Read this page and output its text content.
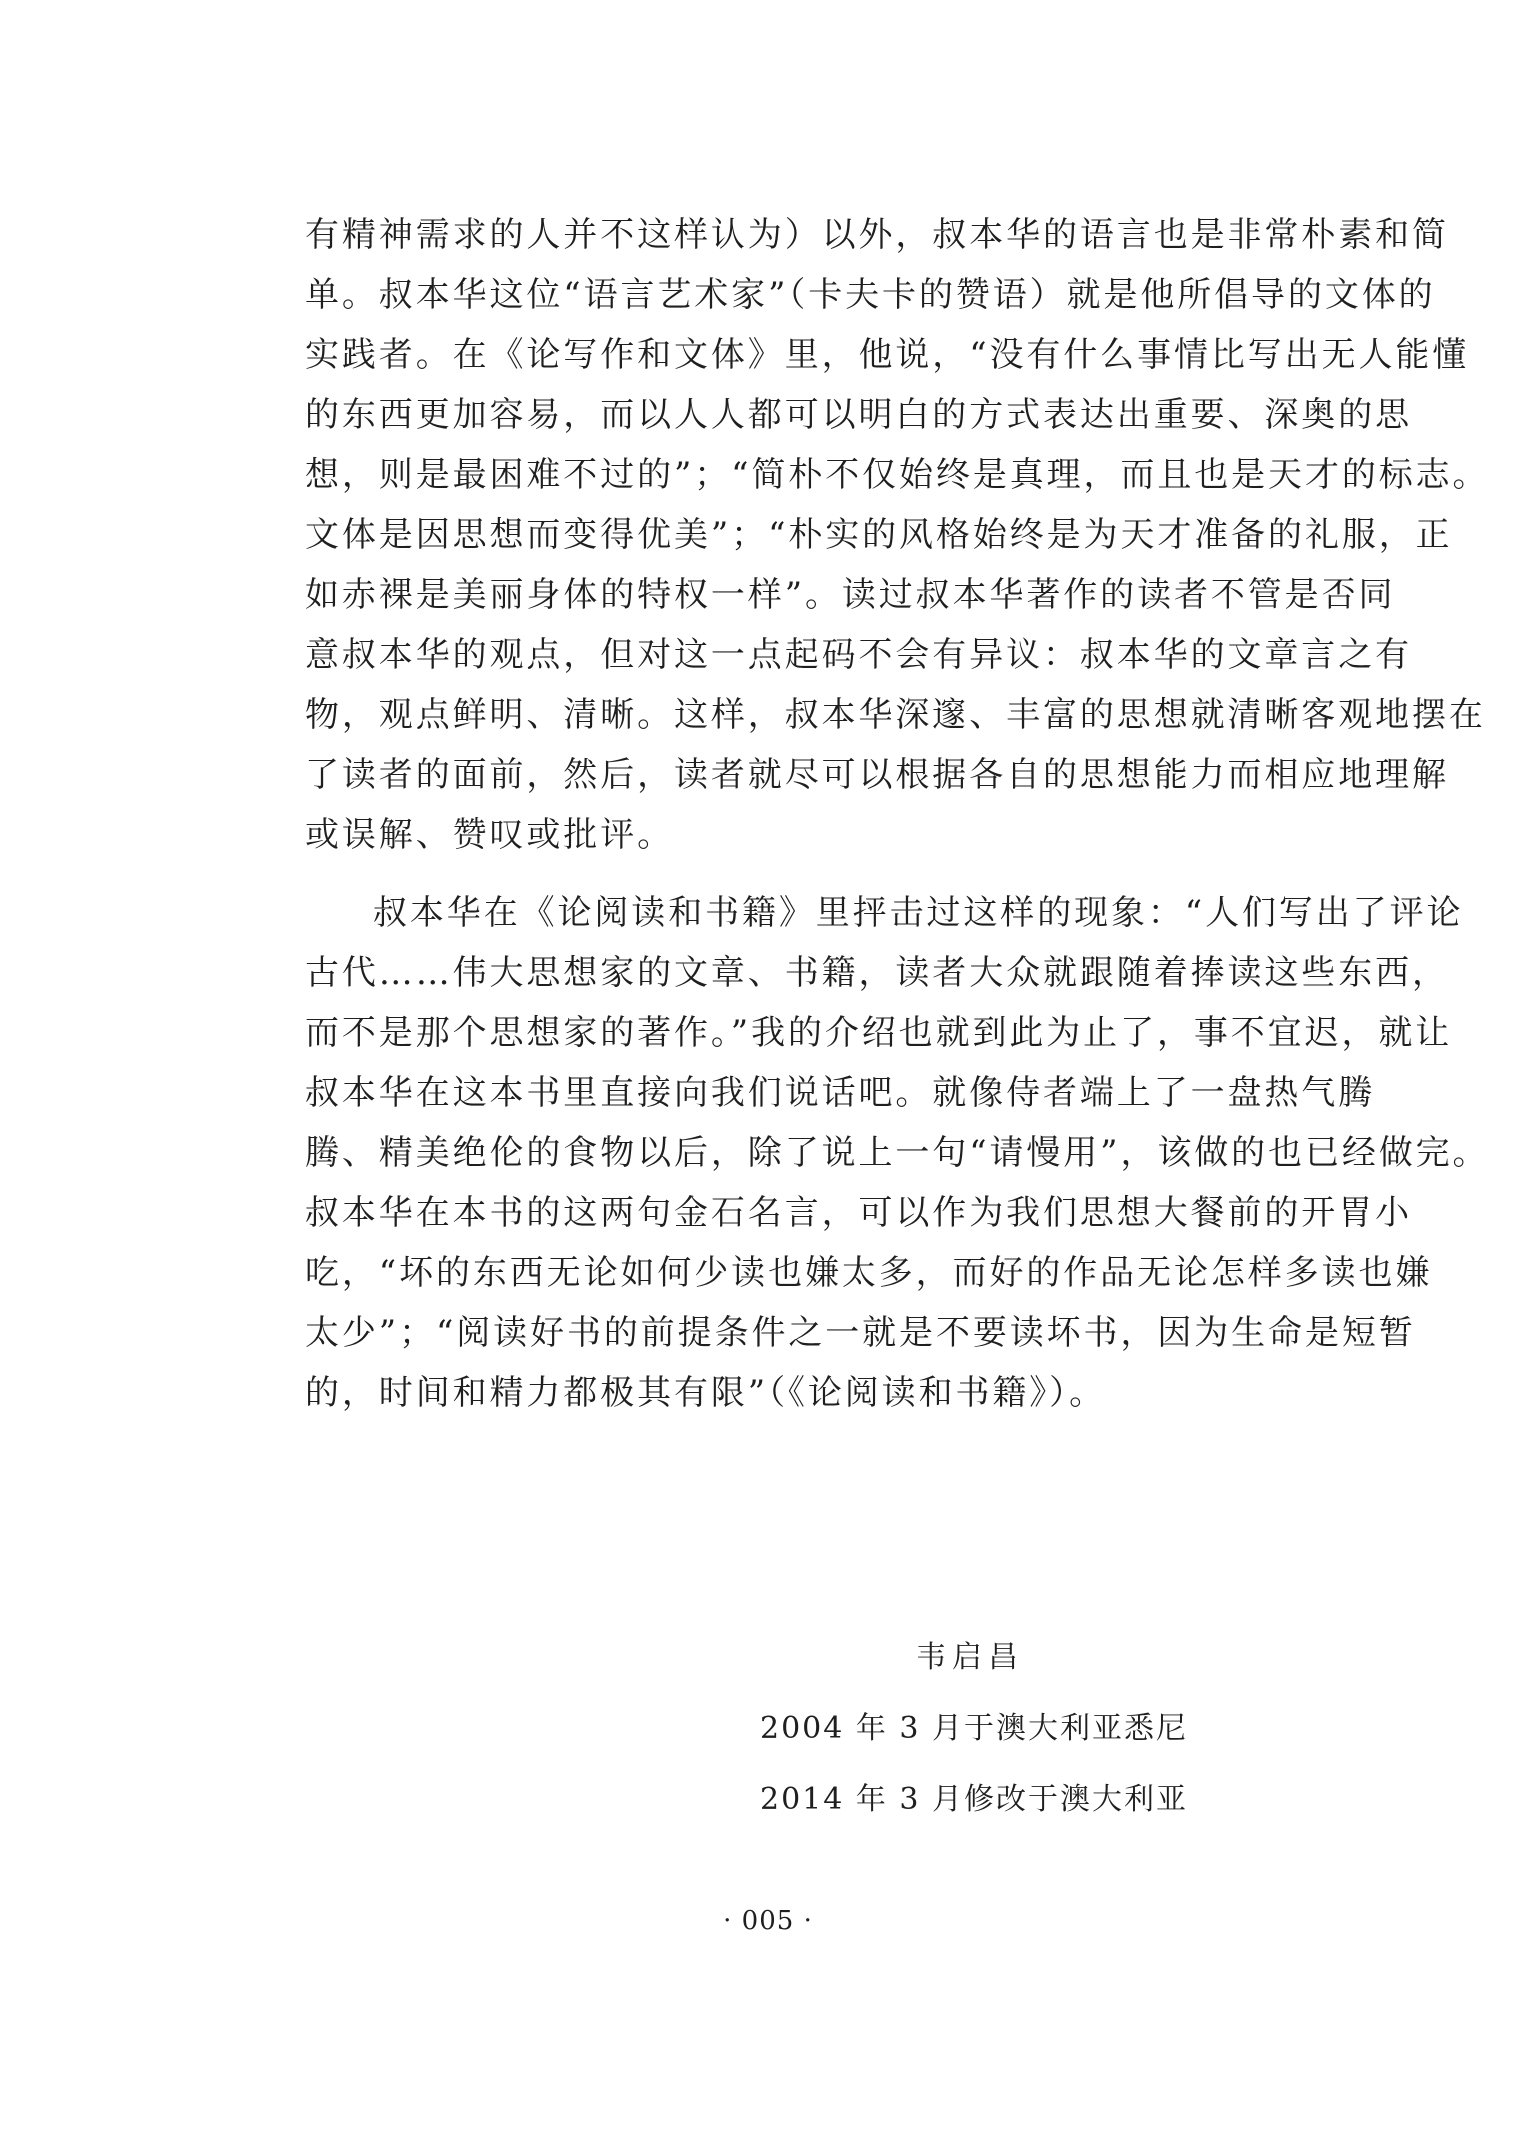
有精神需求的人并不这样认为）以外，叔本华的语言也是非常朴素和简
单。叔本华这位“语言艺术家”（卡夫卡的赞语）就是他所倡导的文体的
实践者。在《论写作和文体》里，他说，“没有什么事情比写出无人能懂
的东西更加容易，而以人人都可以明白的方式表达出重要、深奥的思
想，则是最困难不过的”；“简朴不仅始终是真理，而且也是天才的标志。
文体是因思想而变得优美”；“朴实的风格始终是为天才准备的礼服，正
如赤裸是美丽身体的特权一样”。读过叔本华著作的读者不管是否同
意叔本华的观点，但对这一点起码不会有异议：叔本华的文章言之有
物，观点鲜明、清晰。这样，叔本华深邃、丰富的思想就清晰客观地摆在
了读者的面前，然后，读者就尽可以根据各自的思想能力而相应地理解
或误解、赞叹或批评。
叔本华在《论阅读和书籍》里抨击过这样的现象：“人们写出了评论
古代……伟大思想家的文章、书籍，读者大众就跟随着捧读这些东西，
而不是那个思想家的著作。”我的介绍也就到此为止了，事不宜迟，就让
叔本华在这本书里直接向我们说话吧。就像侍者端上了一盘热气腾
腾、精美绝伦的食物以后，除了说上一句“请慢用”，该做的也已经做完。
叔本华在本书的这两句金石名言，可以作为我们思想大餐前的开胃小
吃，“坏的东西无论如何少读也嫌太多，而好的作品无论怎样多读也嫌
太少”；“阅读好书的前提条件之一就是不要读坏书，因为生命是短暂
的，时间和精力都极其有限”（《论阅读和书籍》）。
韦启昌
2004 年 3 月于澳大利亚悉尼
2014 年 3 月修改于澳大利亚
· 005 ·
